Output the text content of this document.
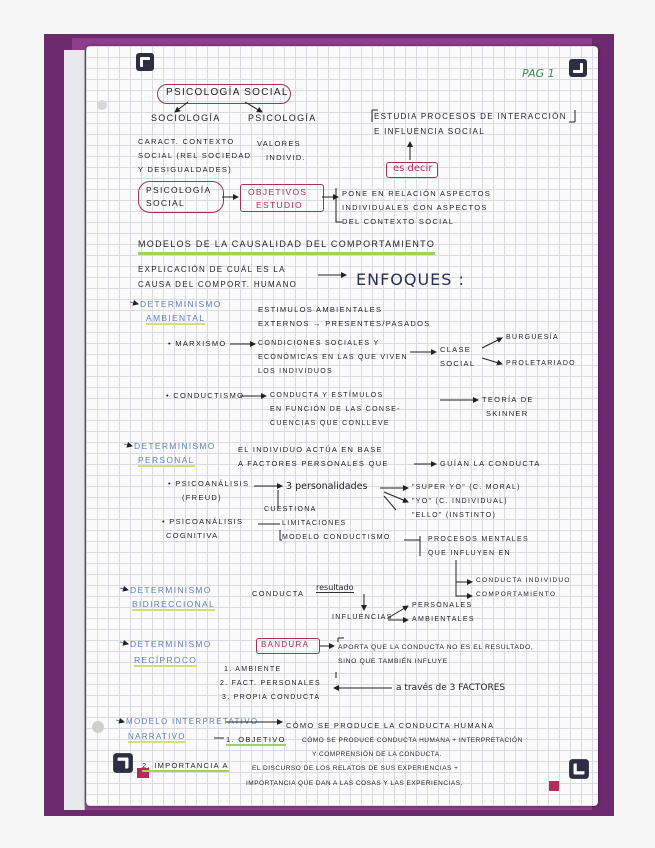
PAG 1
PSICOLOGÍA SOCIAL
SOCIOLOGÍA	PSICOLOGÍA
CARACT. CONTEXTO
SOCIAL (REL SOCIEDAD
Y DESIGUALDADES)
VALORES
INDIVID.
ESTUDIA PROCESOS DE INTERACCIÓN
E INFLUENCIA SOCIAL
es decir
PSICOLOGÍA
SOCIAL
OBJETIVOS
ESTUDIO
PONE EN RELACIÓN ASPECTOS
INDIVIDUALES CON ASPECTOS
DEL CONTEXTO SOCIAL
MODELOS DE LA CAUSALIDAD DEL COMPORTAMIENTO
EXPLICACIÓN DE CUÁL ES LA
CAUSA DEL COMPORT. HUMANO	ENFOQUES :
DETERMINISMO
AMBIENTAL
ESTIMULOS AMBIENTALES
EXTERNOS → PRESENTES/PASADOS
• MARXISMO	CONDICIONES SOCIALES Y
ECONÓMICAS EN LAS QUE VIVEN
LOS INDIVIDUOS
CLASE
SOCIAL
BURGUESÍA
PROLETARIADO
• CONDUCTISMO	CONDUCTA Y ESTÍMULOS
EN FUNCIÓN DE LAS CONSE-
CUENCIAS QUE CONLLEVE
TEORÍA DE
SKINNER
DETERMINISMO
PERSONAL
EL INDIVIDUO ACTÚA EN BASE
A FACTORES PERSONALES QUE	GUÍAN LA CONDUCTA
• PSICOANÁLISIS
(FREUD)
3 personalidades	"SUPER YO" (C. MORAL)
"YO" (C. INDIVIDUAL)
"ELLO" (INSTINTO)
CUESTIONA
• PSICOANÁLISIS
COGNITIVA
LIMITACIONES
MODELO CONDUCTISMO	PROCESOS MENTALES
QUE INFLUYEN EN
CONDUCTA INDIVIDUO
COMPORTAMIENTO
DETERMINISMO
BIDIRECCIONAL
CONDUCTA
resultado
INFLUENCIAS
PERSONALES
AMBIENTALES
DETERMINISMO
RECÍPROCO
BANDURA	APORTA QUE LA CONDUCTA NO ES EL RESULTADO,
SINO QUE TAMBIÉN INFLUYE
1. AMBIENTE
2. FACT. PERSONALES
3. PROPIA CONDUCTA
a través de 3 FACTORES
MODELO INTERPRETATIVO -
NARRATIVO
CÓMO SE PRODUCE LA CONDUCTA HUMANA
1. OBJETIVO	CÓMO SE PRODUCE CONDUCTA HUMANA + INTERPRETACIÓN
Y COMPRENSIÓN DE LA CONDUCTA.
2. IMPORTANCIA A	EL DISCURSO DE LOS RELATOS DE SUS EXPERIENCIAS +
IMPORTANCIA QUE DAN A LAS COSAS Y LAS EXPERIENCIAS.
